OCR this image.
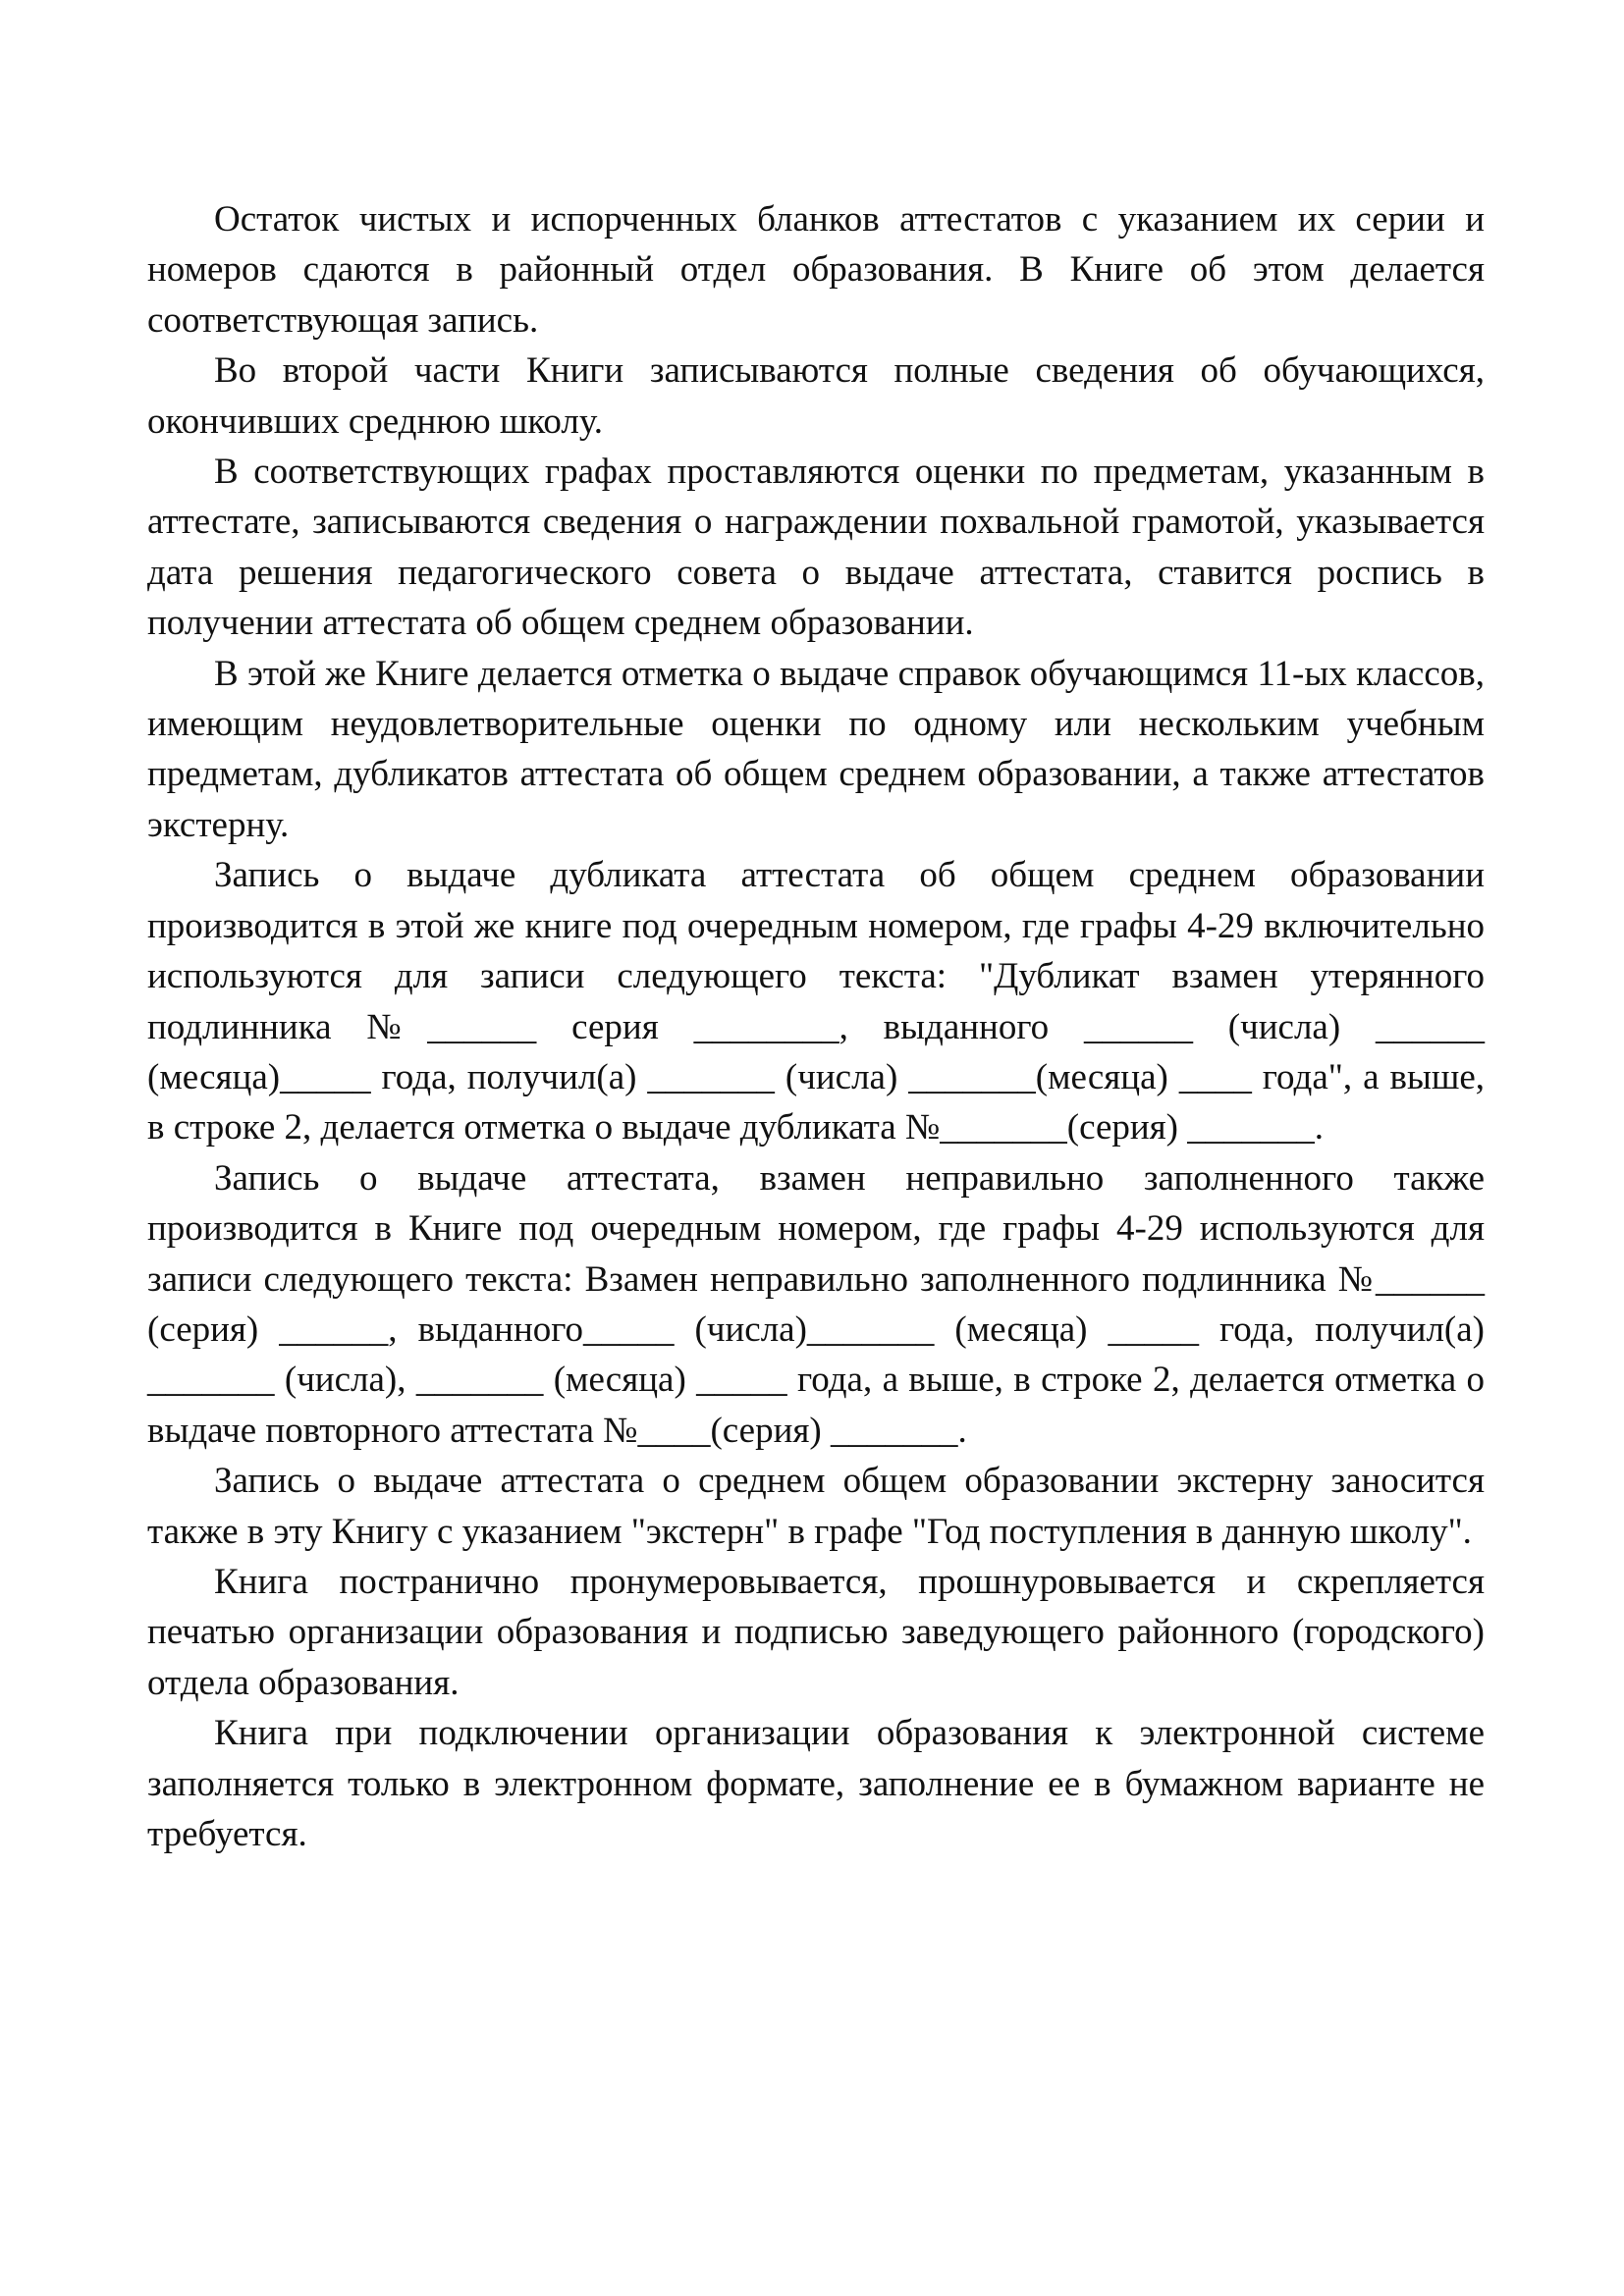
Остаток чистых и испорченных бланков аттестатов с указанием их серии и номеров сдаются в районный отдел образования. В Книге об этом делается соответствующая запись.

Во второй части Книги записываются полные сведения об обучающихся, окончивших среднюю школу.

В соответствующих графах проставляются оценки по предметам, указанным в аттестате, записываются сведения о награждении похвальной грамотой, указывается дата решения педагогического совета о выдаче аттестата, ставится роспись в получении аттестата об общем среднем образовании.

В этой же Книге делается отметка о выдаче справок обучающимся 11-ых классов, имеющим неудовлетворительные оценки по одному или нескольким учебным предметам, дубликатов аттестата об общем среднем образовании, а также аттестатов экстерну.

Запись о выдаче дубликата аттестата об общем среднем образовании производится в этой же книге под очередным номером, где графы 4-29 включительно используются для записи следующего текста: "Дубликат взамен утерянного подлинника №______ серия ________, выданного ______ (числа) ______ (месяца)_____ года, получил(а) _______ (числа) _______(месяца) ____ года", а выше, в строке 2, делается отметка о выдаче дубликата №_______(серия) _______.

Запись о выдаче аттестата, взамен неправильно заполненного также производится в Книге под очередным номером, где графы 4-29 используются для записи следующего текста: Взамен неправильно заполненного подлинника №______ (серия) ______, выданного_____ (числа)_______ (месяца) _____ года, получил(а) _______ (числа), _______ (месяца) _____ года, а выше, в строке 2, делается отметка о выдаче повторного аттестата №____(серия) _______.

Запись о выдаче аттестата о среднем общем образовании экстерну заносится также в эту Книгу с указанием "экстерн" в графе "Год поступления в данную школу".

Книга постранично пронумеровывается, прошнуровывается и скрепляется печатью организации образования и подписью заведующего районного (городского) отдела образования.

Книга при подключении организации образования к электронной системе заполняется только в электронном формате, заполнение ее в бумажном варианте не требуется.
